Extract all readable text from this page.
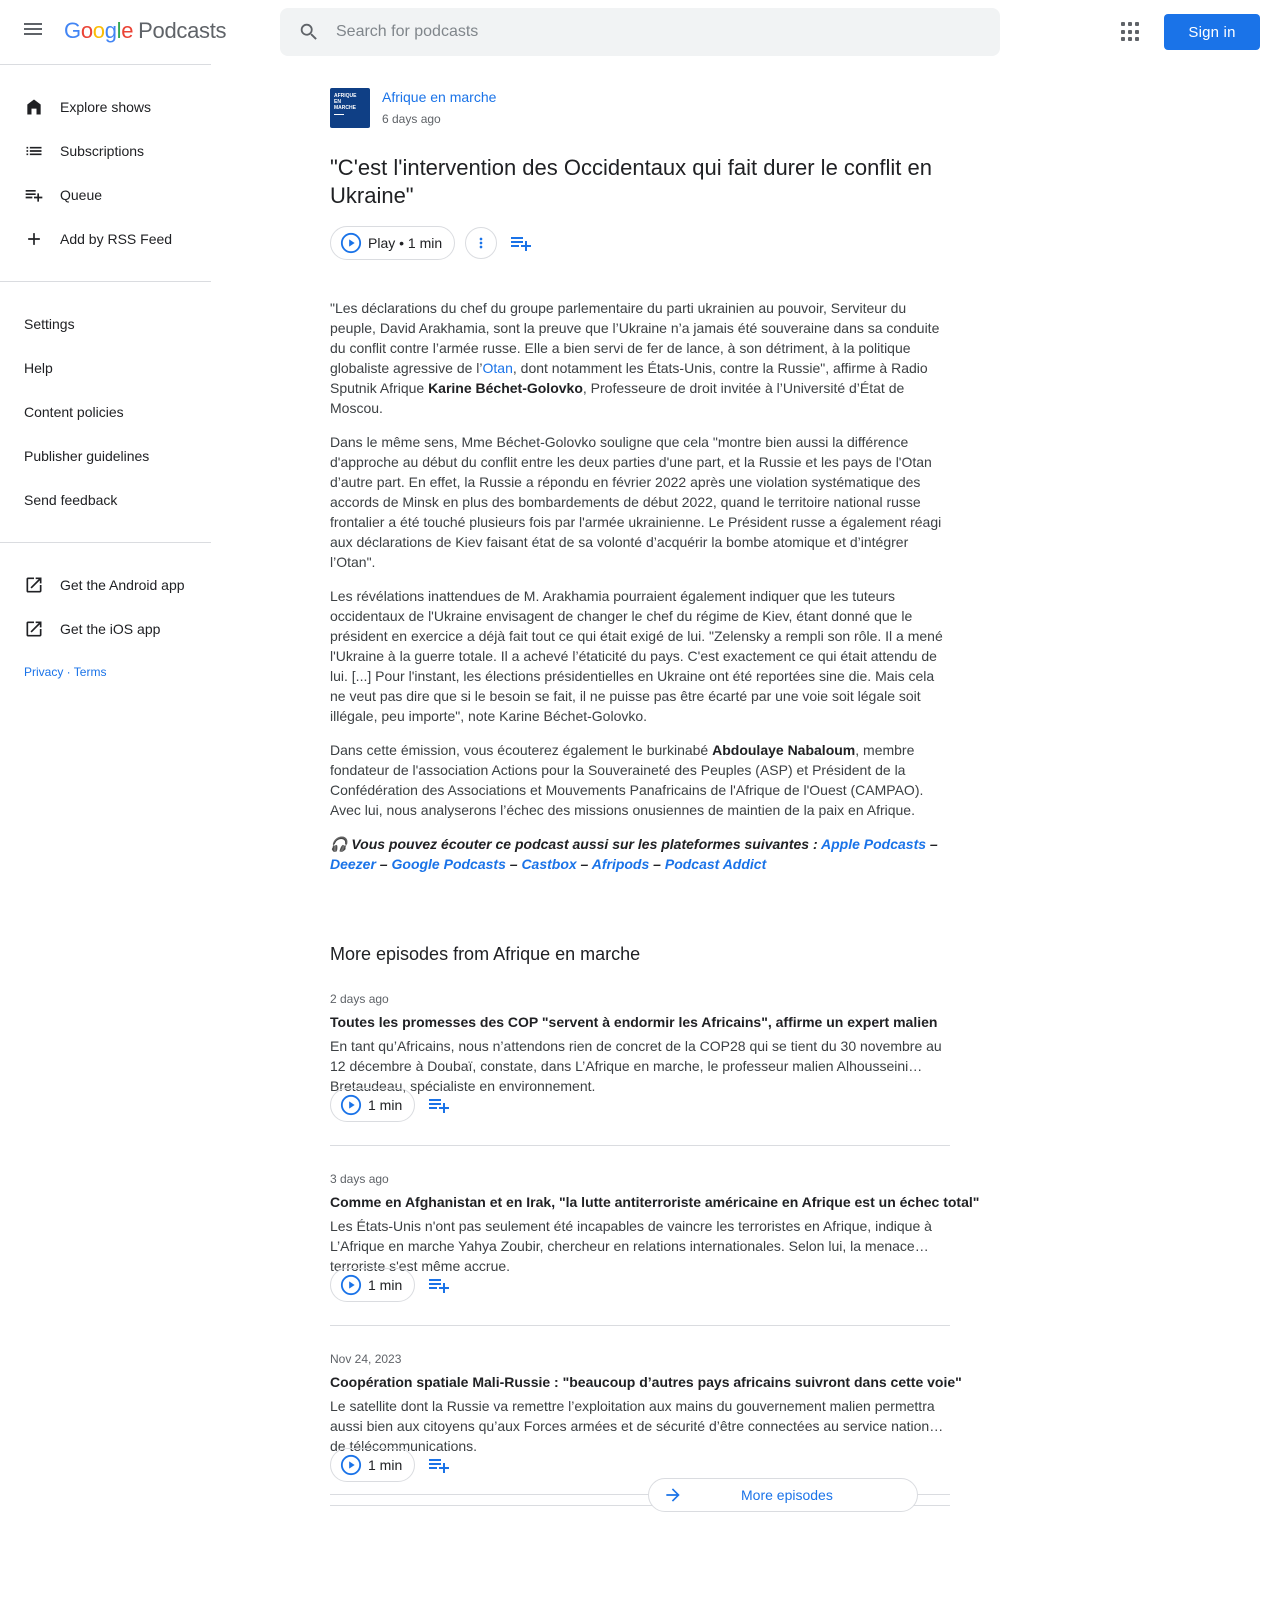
Google Podcasts
Search for podcasts	Sign in
Explore shows
Subscriptions
Queue
Add by RSS Feed
Settings
Help
Content policies
Publisher guidelines
Send feedback
Get the Android app
Get the iOS app
Privacy · Terms
AFRIQUE
EN
MARCHE
Afrique en marche
6 days ago
"C'est l'intervention des Occidentaux qui fait durer le conflit en Ukraine"
Play • 1 min

"Les déclarations du chef du groupe parlementaire du parti ukrainien au pouvoir, Serviteur du peuple, David Arakhamia, sont la preuve que l’Ukraine n’a jamais été souveraine dans sa conduite du conflit contre l’armée russe. Elle a bien servi de fer de lance, à son détriment, à la politique globaliste agressive de l’Otan, dont notamment les États-Unis, contre la Russie", affirme à Radio Sputnik Afrique Karine Béchet-Golovko, Professeure de droit invitée à l’Université d’État de Moscou.

Dans le même sens, Mme Béchet-Golovko souligne que cela "montre bien aussi la différence d'approche au début du conflit entre les deux parties d'une part, et la Russie et les pays de l'Otan d’autre part. En effet, la Russie a répondu en février 2022 après une violation systématique des accords de Minsk en plus des bombardements de début 2022, quand le territoire national russe frontalier a été touché plusieurs fois par l'armée ukrainienne. Le Président russe a également réagi aux déclarations de Kiev faisant état de sa volonté d’acquérir la bombe atomique et d’intégrer l’Otan".

Les révélations inattendues de M. Arakhamia pourraient également indiquer que les tuteurs occidentaux de l'Ukraine envisagent de changer le chef du régime de Kiev, étant donné que le président en exercice a déjà fait tout ce qui était exigé de lui. "Zelensky a rempli son rôle. Il a mené l'Ukraine à la guerre totale. Il a achevé l’étaticité du pays. C'est exactement ce qui était attendu de lui. [...] Pour l'instant, les élections présidentielles en Ukraine ont été reportées sine die. Mais cela ne veut pas dire que si le besoin se fait, il ne puisse pas être écarté par une voie soit légale soit illégale, peu importe", note Karine Béchet-Golovko.

Dans cette émission, vous écouterez également le burkinabé Abdoulaye Nabaloum, membre fondateur de l'association Actions pour la Souveraineté des Peuples (ASP) et Président de la Confédération des Associations et Mouvements Panafricains de l'Afrique de l'Ouest (CAMPAO). Avec lui, nous analyserons l’échec des missions onusiennes de maintien de la paix en Afrique.

🎧 Vous pouvez écouter ce podcast aussi sur les plateformes suivantes : Apple Podcasts – Deezer – Google Podcasts – Castbox – Afripods – Podcast Addict

More episodes from Afrique en marche
2 days ago
Toutes les promesses des COP "servent à endormir les Africains", affirme un expert malien
En tant qu’Africains, nous n’attendons rien de concret de la COP28 qui se tient du 30 novembre au 12 décembre à Doubaï, constate, dans L’Afrique en marche, le professeur malien Alhousseini Bretaudeau, spécialiste en environnement.
1 min
3 days ago
Comme en Afghanistan et en Irak, "la lutte antiterroriste américaine en Afrique est un échec total"
Les États-Unis n'ont pas seulement été incapables de vaincre les terroristes en Afrique, indique à L’Afrique en marche Yahya Zoubir, chercheur en relations internationales. Selon lui, la menace terroriste s'est même accrue.
1 min
Nov 24, 2023
Coopération spatiale Mali-Russie : "beaucoup d’autres pays africains suivront dans cette voie"
Le satellite dont la Russie va remettre l’exploitation aux mains du gouvernement malien permettra aussi bien aux citoyens qu’aux Forces armées et de sécurité d’être connectées au service national de télécommunications.
1 min
More episodes
